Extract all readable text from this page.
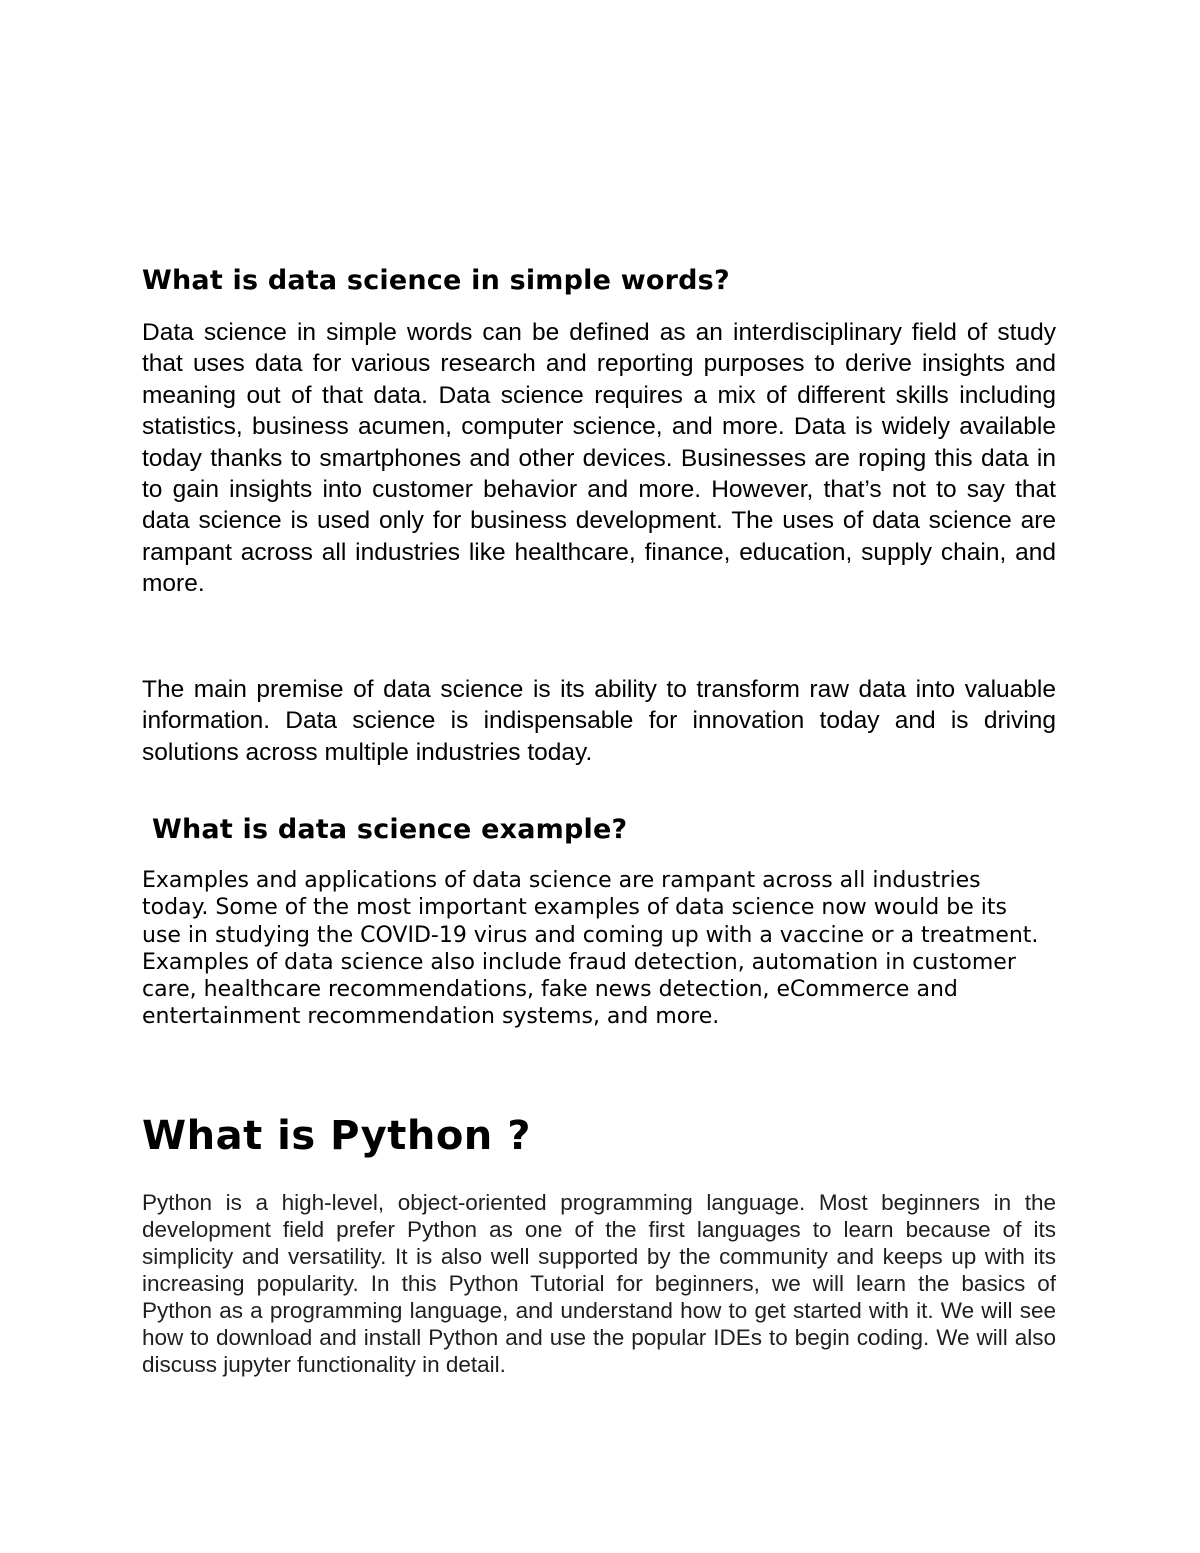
What is data science in simple words?

Data science in simple words can be defined as an interdisciplinary field of study that uses data for various research and reporting purposes to derive insights and meaning out of that data. Data science requires a mix of different skills including statistics, business acumen, computer science, and more. Data is widely available today thanks to smartphones and other devices. Businesses are roping this data in to gain insights into customer behavior and more. However, that’s not to say that data science is used only for business development. The uses of data science are rampant across all industries like healthcare, finance, education, supply chain, and more.

The main premise of data science is its ability to transform raw data into valuable information. Data science is indispensable for innovation today and is driving solutions across multiple industries today.

What is data science example?

Examples and applications of data science are rampant across all industries today. Some of the most important examples of data science now would be its use in studying the COVID-19 virus and coming up with a vaccine or a treatment. Examples of data science also include fraud detection, automation in customer care, healthcare recommendations, fake news detection, eCommerce and entertainment recommendation systems, and more.

What is Python ?

Python is a high-level, object-oriented programming language. Most beginners in the development field prefer Python as one of the first languages to learn because of its simplicity and versatility. It is also well supported by the community and keeps up with its increasing popularity. In this Python Tutorial for beginners, we will learn the basics of Python as a programming language, and understand how to get started with it. We will see how to download and install Python and use the popular IDEs to begin coding. We will also discuss jupyter functionality in detail.
